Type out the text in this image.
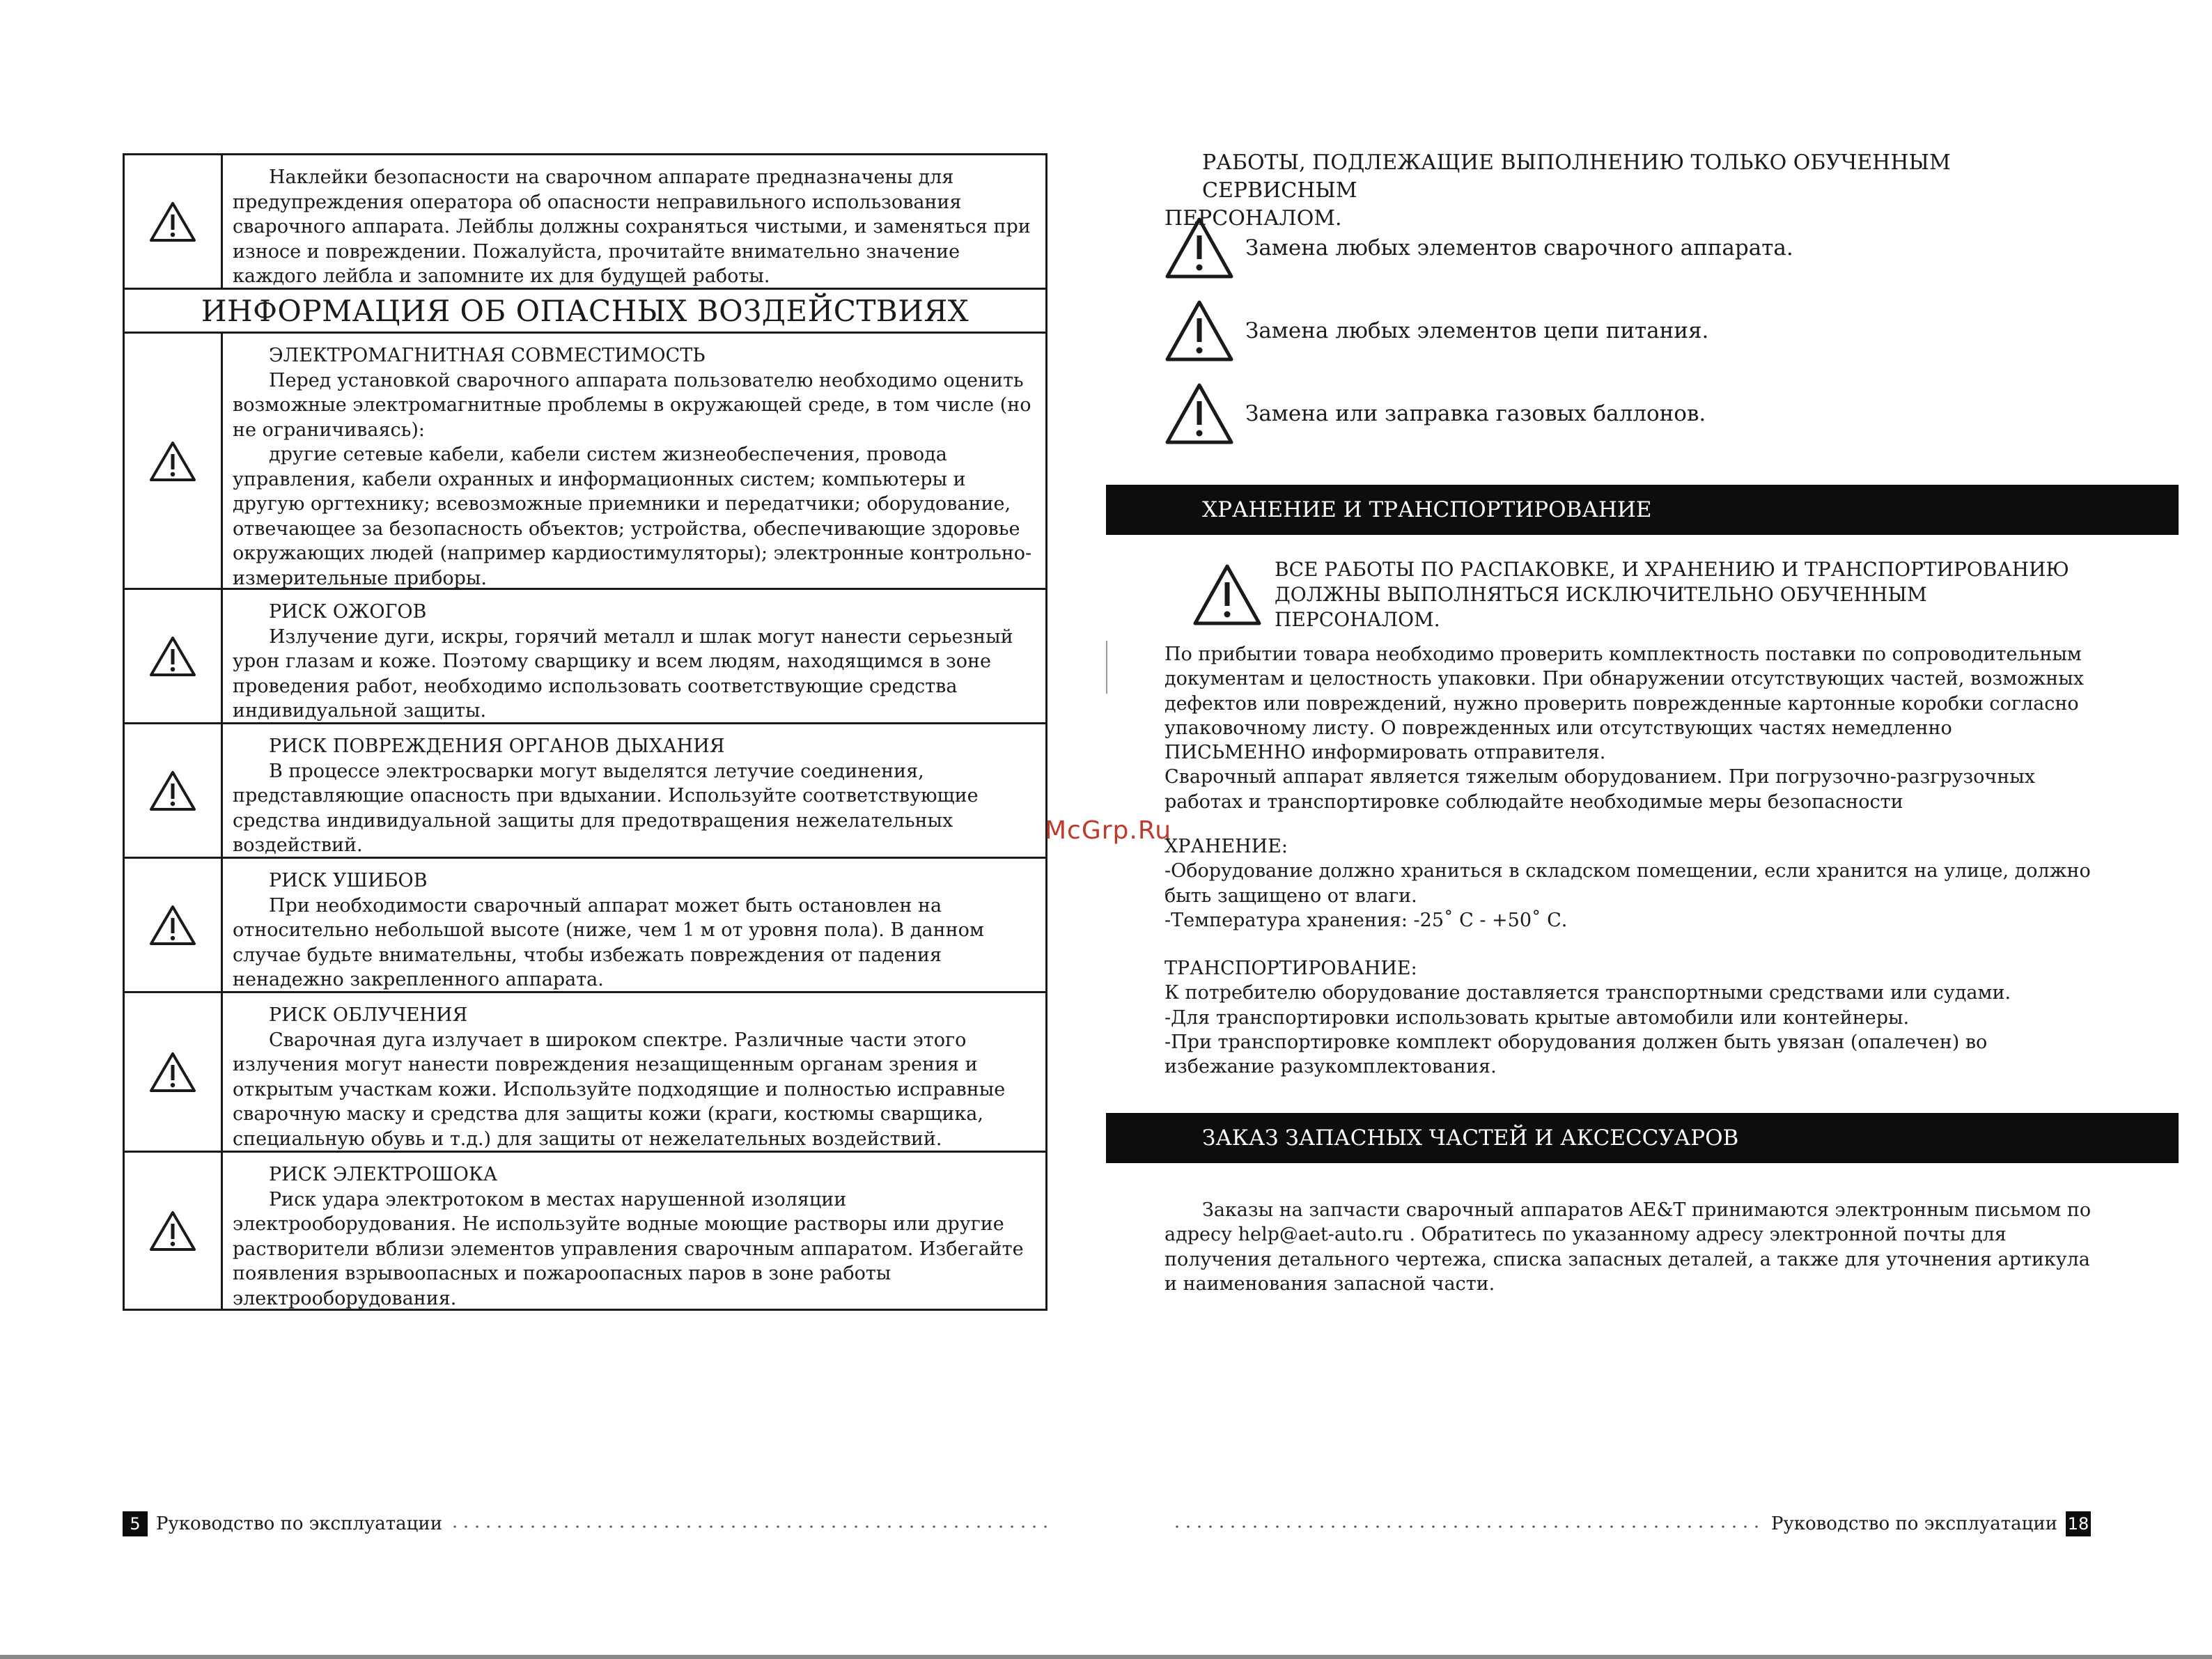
Наклейки безопасности на сварочном аппарате предназначены для предупреждения оператора об опасности неправильного использования сварочного аппарата. Лейблы должны сохраняться чистыми, и заменяться при износе и повреждении. Пожалуйста, прочитайте внимательно значение каждого лейбла и запомните их для будущей работы.

ИНФОРМАЦИЯ ОБ ОПАСНЫХ ВОЗДЕЙСТВИЯХ
ЭЛЕКТРОМАГНИТНАЯ СОВМЕСТИМОСТЬ

Перед установкой сварочного аппарата пользователю необходимо оценить возможные электромагнитные проблемы в окружающей среде, в том числе (но не ограничиваясь):

другие сетевые кабели, кабели систем жизнеобеспечения, провода управления, кабели охранных и информационных систем; компьютеры и другую оргтехнику; всевозможные приемники и передатчики; оборудование, отвечающее за безопасность объектов; устройства, обеспечивающие здоровье окружающих людей (например кардиостимуляторы); электронные контрольно-измерительные приборы.

РИСК ОЖОГОВ

Излучение дуги, искры, горячий металл и шлак могут нанести серьезный урон глазам и коже. Поэтому сварщику и всем людям, находящимся в зоне проведения работ, необходимо использовать соответствующие средства индивидуальной защиты.

РИСК ПОВРЕЖДЕНИЯ ОРГАНОВ ДЫХАНИЯ

В процессе электросварки могут выделятся летучие соединения, представляющие опасность при вдыхании. Используйте соответствующие средства индивидуальной защиты для предотвращения нежелательных воздействий.

РИСК УШИБОВ

При необходимости сварочный аппарат может быть остановлен на относительно небольшой высоте (ниже, чем 1 м от уровня пола). В данном случае будьте внимательны, чтобы избежать повреждения от падения ненадежно закрепленного аппарата.

РИСК ОБЛУЧЕНИЯ

Сварочная дуга излучает в широком спектре. Различные части этого излучения могут нанести повреждения незащищенным органам зрения и открытым участкам кожи. Используйте подходящие и полностью исправные сварочную маску и средства для защиты кожи (краги, костюмы сварщика, специальную обувь и т.д.) для защиты от нежелательных воздействий.

РИСК ЭЛЕКТРОШОКА

Риск удара электротоком в местах нарушенной изоляции электрооборудования. Не используйте водные моющие растворы или другие растворители вблизи элементов управления сварочным аппаратом. Избегайте появления взрывоопасных и пожароопасных паров в зоне работы электрооборудования.

5 Руководство по эксплуатации
РАБОТЫ, ПОДЛЕЖАЩИЕ ВЫПОЛНЕНИЮ ТОЛЬКО ОБУЧЕННЫМ СЕРВИСНЫМ
ПЕРСОНАЛОМ.
Замена любых элементов сварочного аппарата.
Замена любых элементов цепи питания.
Замена или заправка газовых баллонов.
ХРАНЕНИЕ И ТРАНСПОРТИРОВАНИЕ
ВСЕ РАБОТЫ ПО РАСПАКОВКЕ, И ХРАНЕНИЮ И ТРАНСПОРТИРОВАНИЮ ДОЛЖНЫ ВЫПОЛНЯТЬСЯ ИСКЛЮЧИТЕЛЬНО ОБУЧЕННЫМ ПЕРСОНАЛОМ.

По прибытии товара необходимо проверить комплектность поставки по сопроводительным документам и целостность упаковки. При обнаружении отсутствующих частей, возможных дефектов или повреждений, нужно проверить поврежденные картонные коробки согласно упаковочному листу. О поврежденных или отсутствующих частях немедленно ПИСЬМЕННО информировать отправителя.

Сварочный аппарат является тяжелым оборудованием. При погрузочно-разгрузочных работах и транспортировке соблюдайте необходимые меры безопасности

ХРАНЕНИЕ:

-Оборудование должно храниться в складском помещении, если хранится на улице, должно быть защищено от влаги.

-Температура хранения: -25˚ С - +50˚ С.

ТРАНСПОРТИРОВАНИЕ:

К потребителю оборудование доставляется транспортными средствами или судами.

-Для транспортировки использовать крытые автомобили или контейнеры.

-При транспортировке комплект оборудования должен быть увязан (опалечен) во избежание разукомплектования.

ЗАКАЗ ЗАПАСНЫХ ЧАСТЕЙ И АКСЕССУАРОВ

Заказы на запчасти сварочный аппаратов AE&T принимаются электронным письмом по адресу help@aet-auto.ru . Обратитесь по указанному адресу электронной почты для получения детального чертежа, списка запасных деталей, а также для уточнения артикула и наименования запасной части.

McGrp.Ru
Руководство по эксплуатации 18
